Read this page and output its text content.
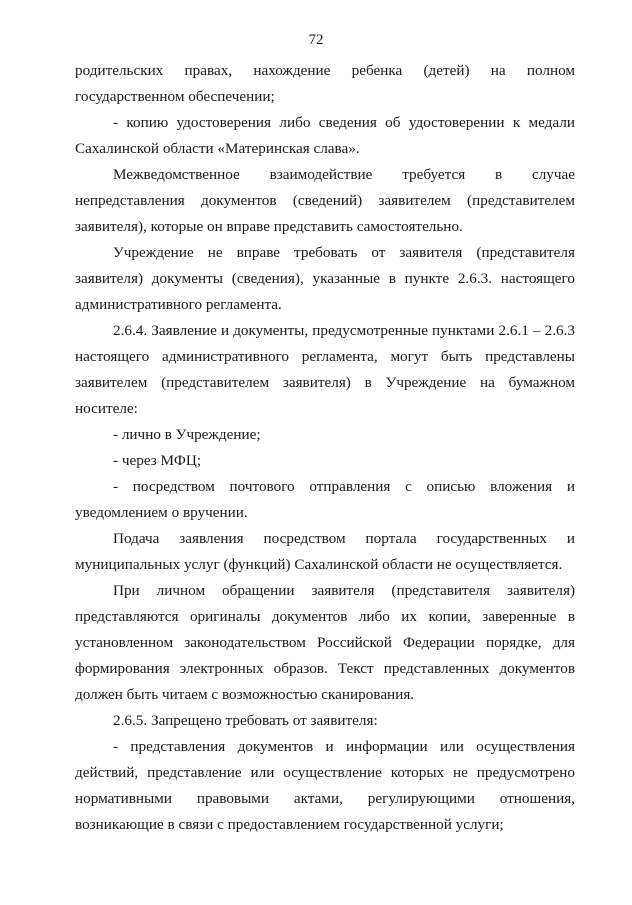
72

родительских правах, нахождение ребенка (детей) на полном государственном обеспечении;

- копию удостоверения либо сведения об удостоверении к медали Сахалинской области «Материнская слава».

Межведомственное взаимодействие требуется в случае непредставления документов (сведений) заявителем (представителем заявителя), которые он вправе представить самостоятельно.

Учреждение не вправе требовать от заявителя (представителя заявителя) документы (сведения), указанные в пункте 2.6.3. настоящего административного регламента.

2.6.4. Заявление и документы, предусмотренные пунктами 2.6.1 – 2.6.3 настоящего административного регламента, могут быть представлены заявителем (представителем заявителя) в Учреждение на бумажном носителе:

- лично в Учреждение;

- через МФЦ;

- посредством почтового отправления с описью вложения и уведомлением о вручении.

Подача заявления посредством портала государственных и муниципальных услуг (функций) Сахалинской области не осуществляется.

При личном обращении заявителя (представителя заявителя) представляются оригиналы документов либо их копии, заверенные в установленном законодательством Российской Федерации порядке, для формирования электронных образов. Текст представленных документов должен быть читаем с возможностью сканирования.

2.6.5. Запрещено требовать от заявителя:

- представления документов и информации или осуществления действий, представление или осуществление которых не предусмотрено нормативными правовыми актами, регулирующими отношения, возникающие в связи с предоставлением государственной услуги;
